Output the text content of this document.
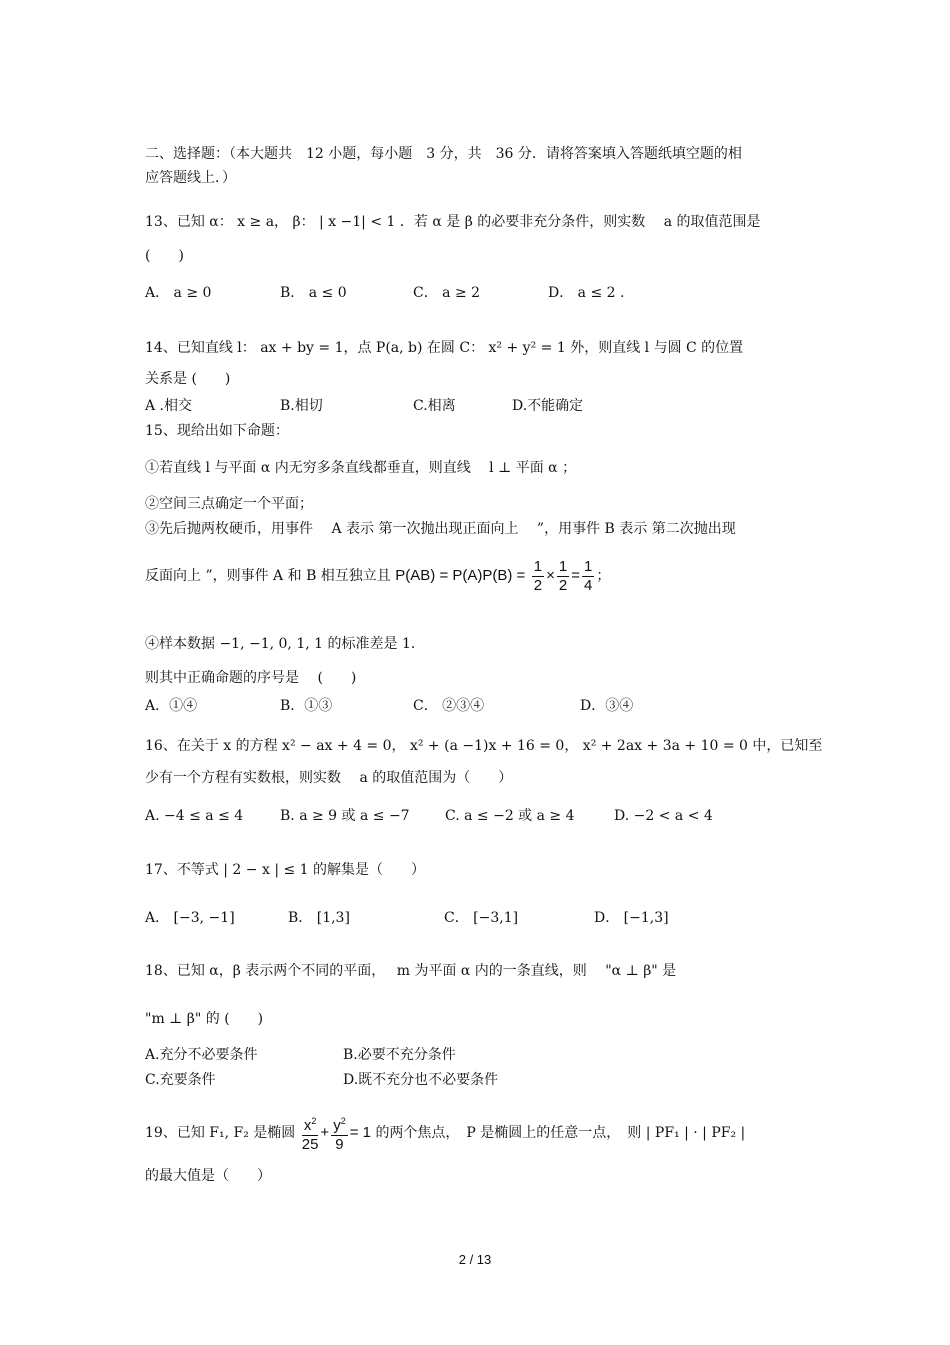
二、选择题：（本大题共　12 小题，每小题　3 分，共　36 分．请将答案填入答题纸填空题的相
应答题线上．）
13、已知 α： x ≥ a， β： | x −1| < 1 ．若 α 是 β 的必要非充分条件，则实数　 a 的取值范围是
(　　)
A． a ≥ 0	B． a ≤ 0	C． a ≥ 2	D． a ≤ 2 .
14、已知直线 l： ax + by = 1，点 P(a, b) 在圆 C： x² + y² = 1 外，则直线 l 与圆 C 的位置
关系是 (　　)
A .相交	B.相切	C.相离	D.不能确定
15、现给出如下命题：
①若直线 l 与平面 α 内无穷多条直线都垂直，则直线　 l ⊥ 平面 α ；
②空间三点确定一个平面；
③先后抛两枚硬币，用事件　 A 表示 第一次抛出现正面向上　 ”，用事件 B 表示 第二次抛出现
反面向上 ”，则事件 A 和 B 相互独立且 $P(AB) = P(A)P(B) = \frac{1}{2} \times \frac{1}{2} = \frac{1}{4}$ ；
④样本数据 −1, −1, 0, 1, 1 的标准差是 1．
则其中正确命题的序号是　 (　　)
A．①④	B．①③	C． ②③④	D．③④
16、在关于 x 的方程 x² − ax + 4 = 0， x² + (a −1)x + 16 = 0， x² + 2ax + 3a + 10 = 0 中，已知至
少有一个方程有实数根，则实数　 a 的取值范围为（　　）
A. −4 ≤ a ≤ 4	B. a ≥ 9 或 a ≤ −7	C. a ≤ −2 或 a ≥ 4	D. −2 < a < 4
17、不等式 | 2 − x | ≤ 1 的解集是（　　）
A． [−3, −1]	B． [1,3]	C． [−3,1]	D． [−1,3]
18、已知 α，β 表示两个不同的平面，　 m 为平面 α 内的一条直线，则　 "α ⊥ β" 是
"m ⊥ β" 的 (　　)
A.充分不必要条件	B.必要不充分条件
C.充要条件	D.既不充分也不必要条件
19、已知 F₁, F₂ 是椭圆 $\frac{x^2}{25} + \frac{y^2}{9} = 1$ 的两个焦点，　P 是椭圆上的任意一点，　则 | PF₁ | · | PF₂ |
的最大值是（　　）
2 / 13
